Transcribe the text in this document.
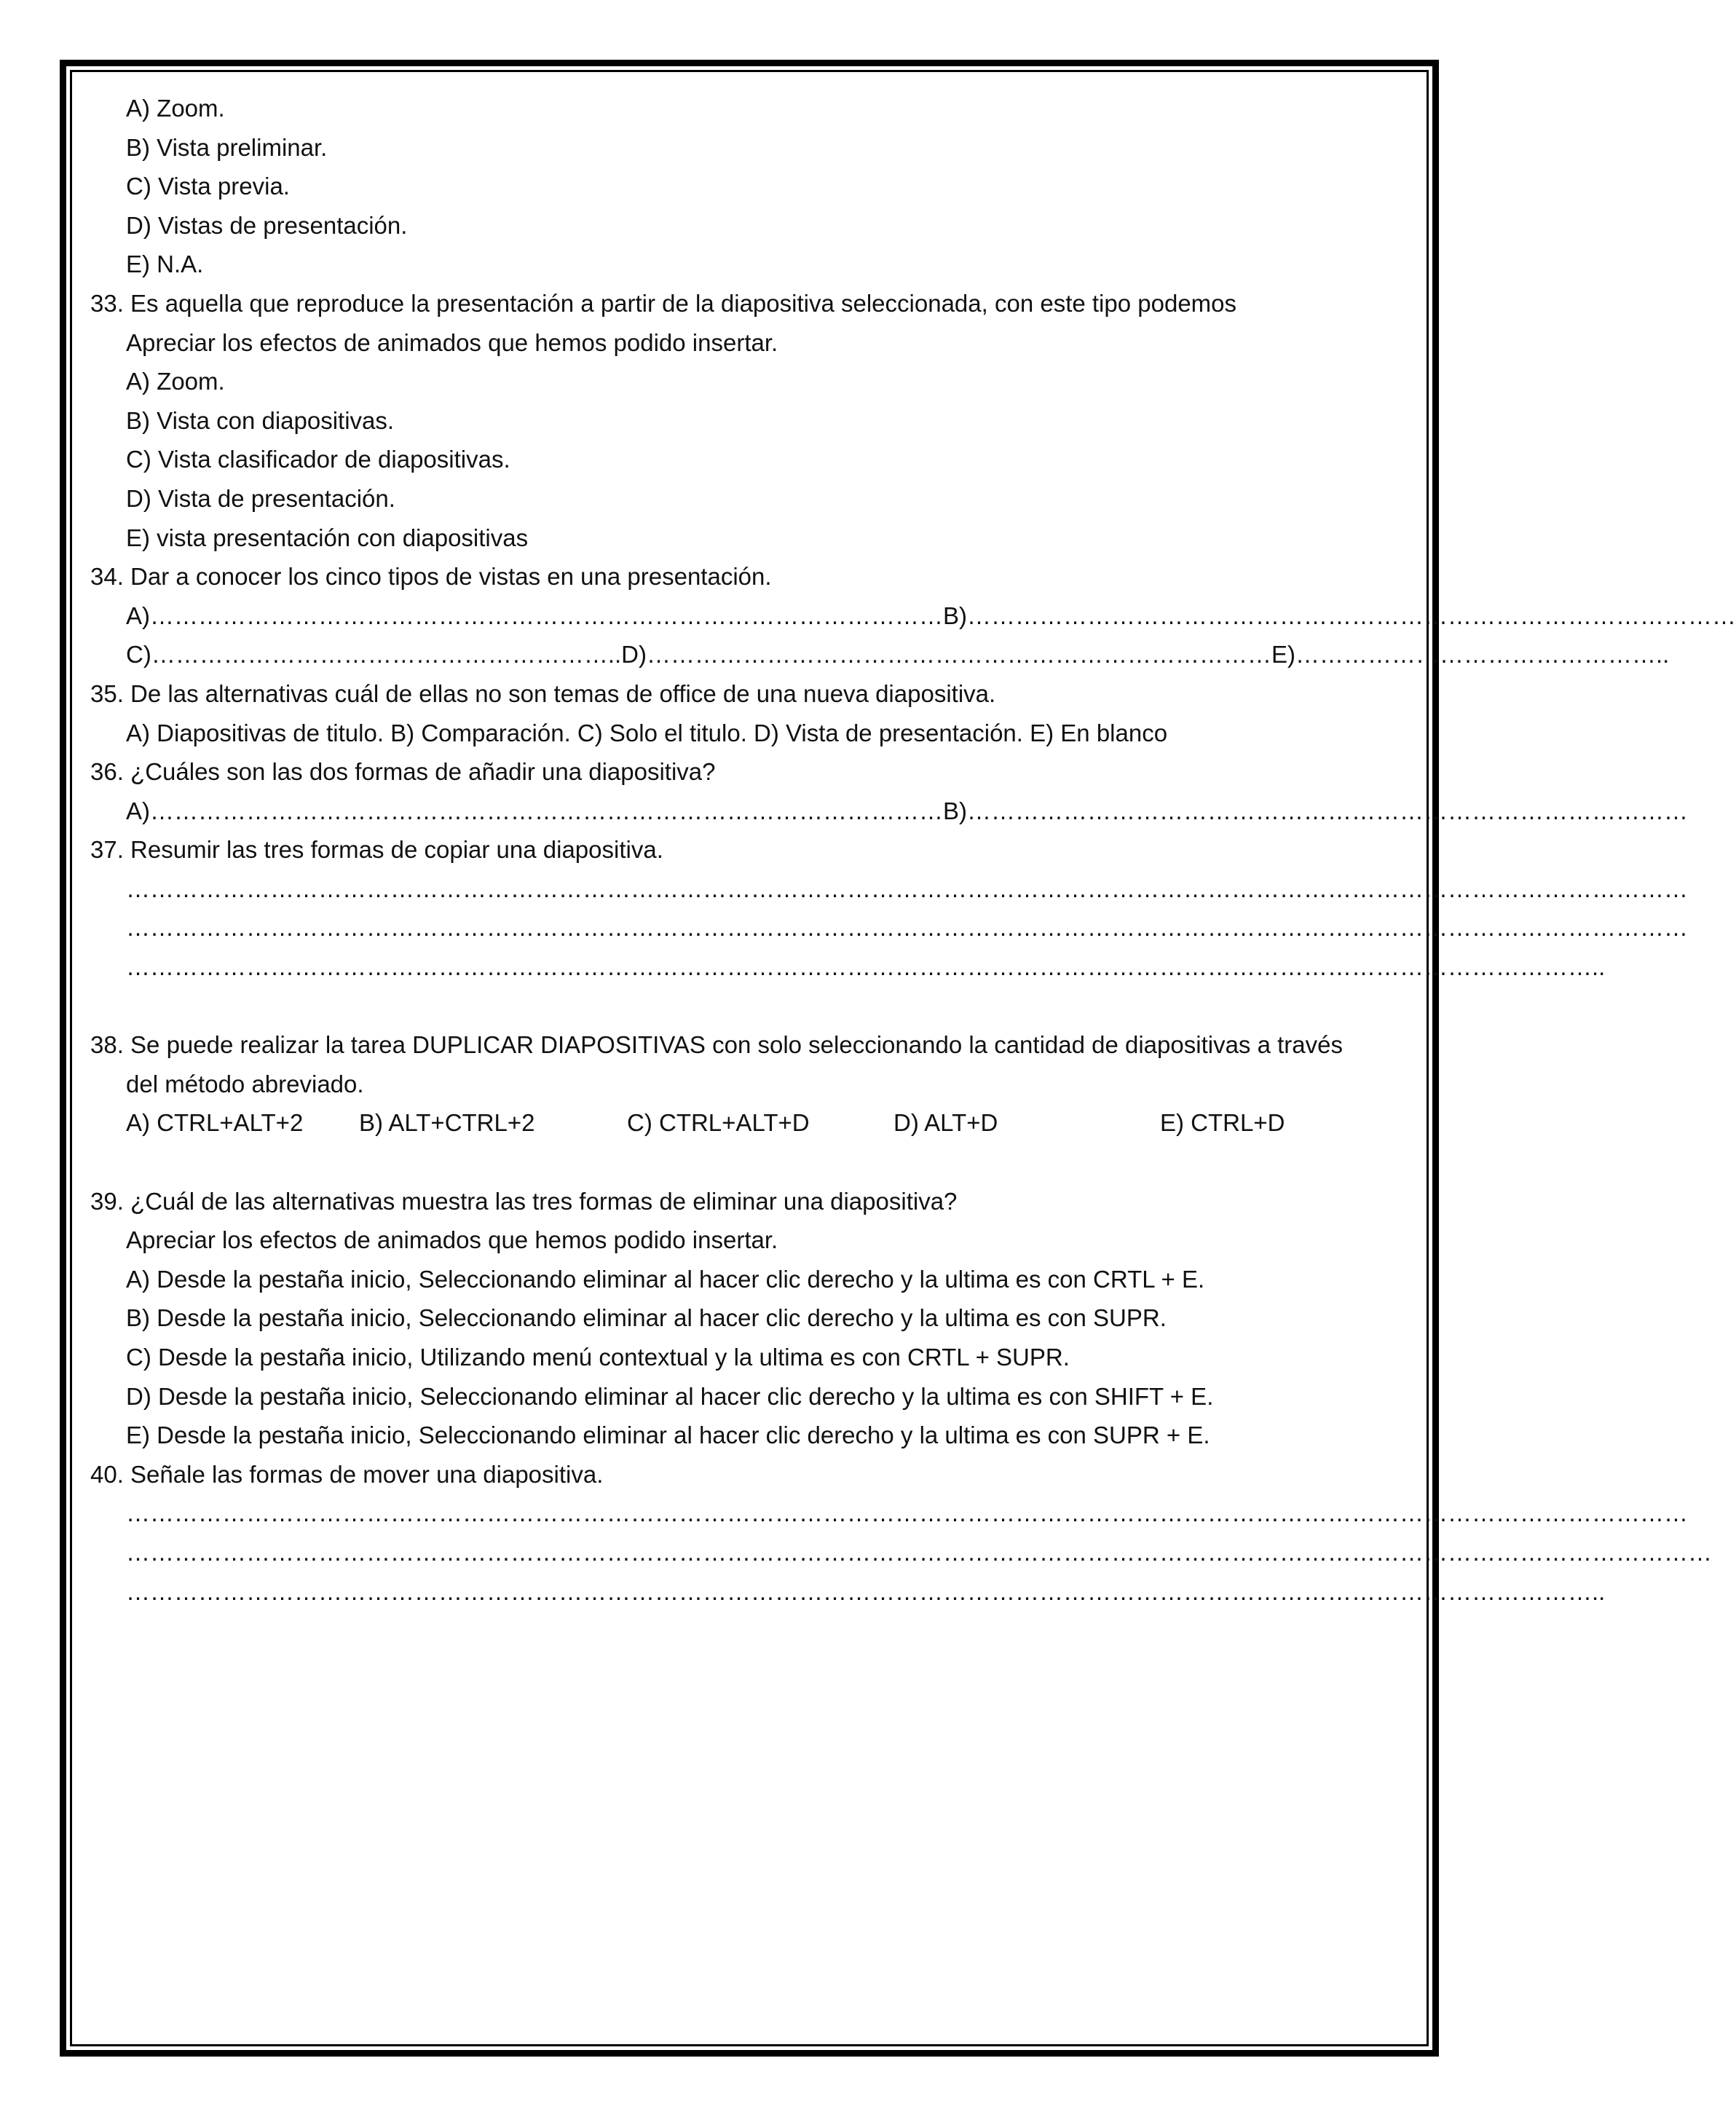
A) Zoom.
B) Vista preliminar.
C) Vista previa.
D) Vistas de presentación.
E) N.A.
33. Es aquella que reproduce la presentación a partir de la diapositiva seleccionada, con este tipo podemos
Apreciar los efectos de animados que hemos podido insertar.
A) Zoom.
B) Vista con diapositivas.
C) Vista clasificador de diapositivas.
D) Vista de presentación.
E) vista presentación con diapositivas
34. Dar a conocer los cinco tipos de vistas en una presentación.
A)………………………………………………………………………………………B)……………………………………………………………………………………
C)…………………………………………………..D)……………………………………………………………………E)………………………………………..
35. De las alternativas cuál de ellas no son temas de office de una nueva diapositiva.
A) Diapositivas de titulo. B) Comparación. C) Solo el titulo. D) Vista de presentación. E) En blanco
36. ¿Cuáles son las dos formas de añadir una diapositiva?
A)………………………………………………………………………………………B)………………………………………………………………………………
37. Resumir las tres formas de copiar una diapositiva.
……………………………………………………………………………………………………………………………………………………………………………
……………………………………………………………………………………………………………………………………………………………………………
…………………………………………………………………………………………………………………………………………………………………..
38. Se puede realizar la tarea DUPLICAR DIAPOSITIVAS con solo seleccionando la cantidad de diapositivas a través
del método abreviado.
A) CTRL+ALT+2	B) ALT+CTRL+2	C) CTRL+ALT+D	D) ALT+D	E) CTRL+D
39. ¿Cuál de las alternativas muestra las tres formas de eliminar una diapositiva?
Apreciar los efectos de animados que hemos podido insertar.
A) Desde la pestaña inicio, Seleccionando eliminar al hacer clic derecho y la ultima es con CRTL + E.
B) Desde la pestaña inicio, Seleccionando eliminar al hacer clic derecho y la ultima es con SUPR.
C) Desde la pestaña inicio, Utilizando menú contextual y la ultima es con CRTL + SUPR.
D) Desde la pestaña inicio, Seleccionando eliminar al hacer clic derecho y la ultima es con SHIFT + E.
E) Desde la pestaña inicio, Seleccionando eliminar al hacer clic derecho y la ultima es con SUPR + E.
40. Señale las formas de mover una diapositiva.
……………………………………………………………………………………………………………………………………………………………………………
………………………………………………………………………………………………………………………………………………………………………………
…………………………………………………………………………………………………………………………………………………………………..
